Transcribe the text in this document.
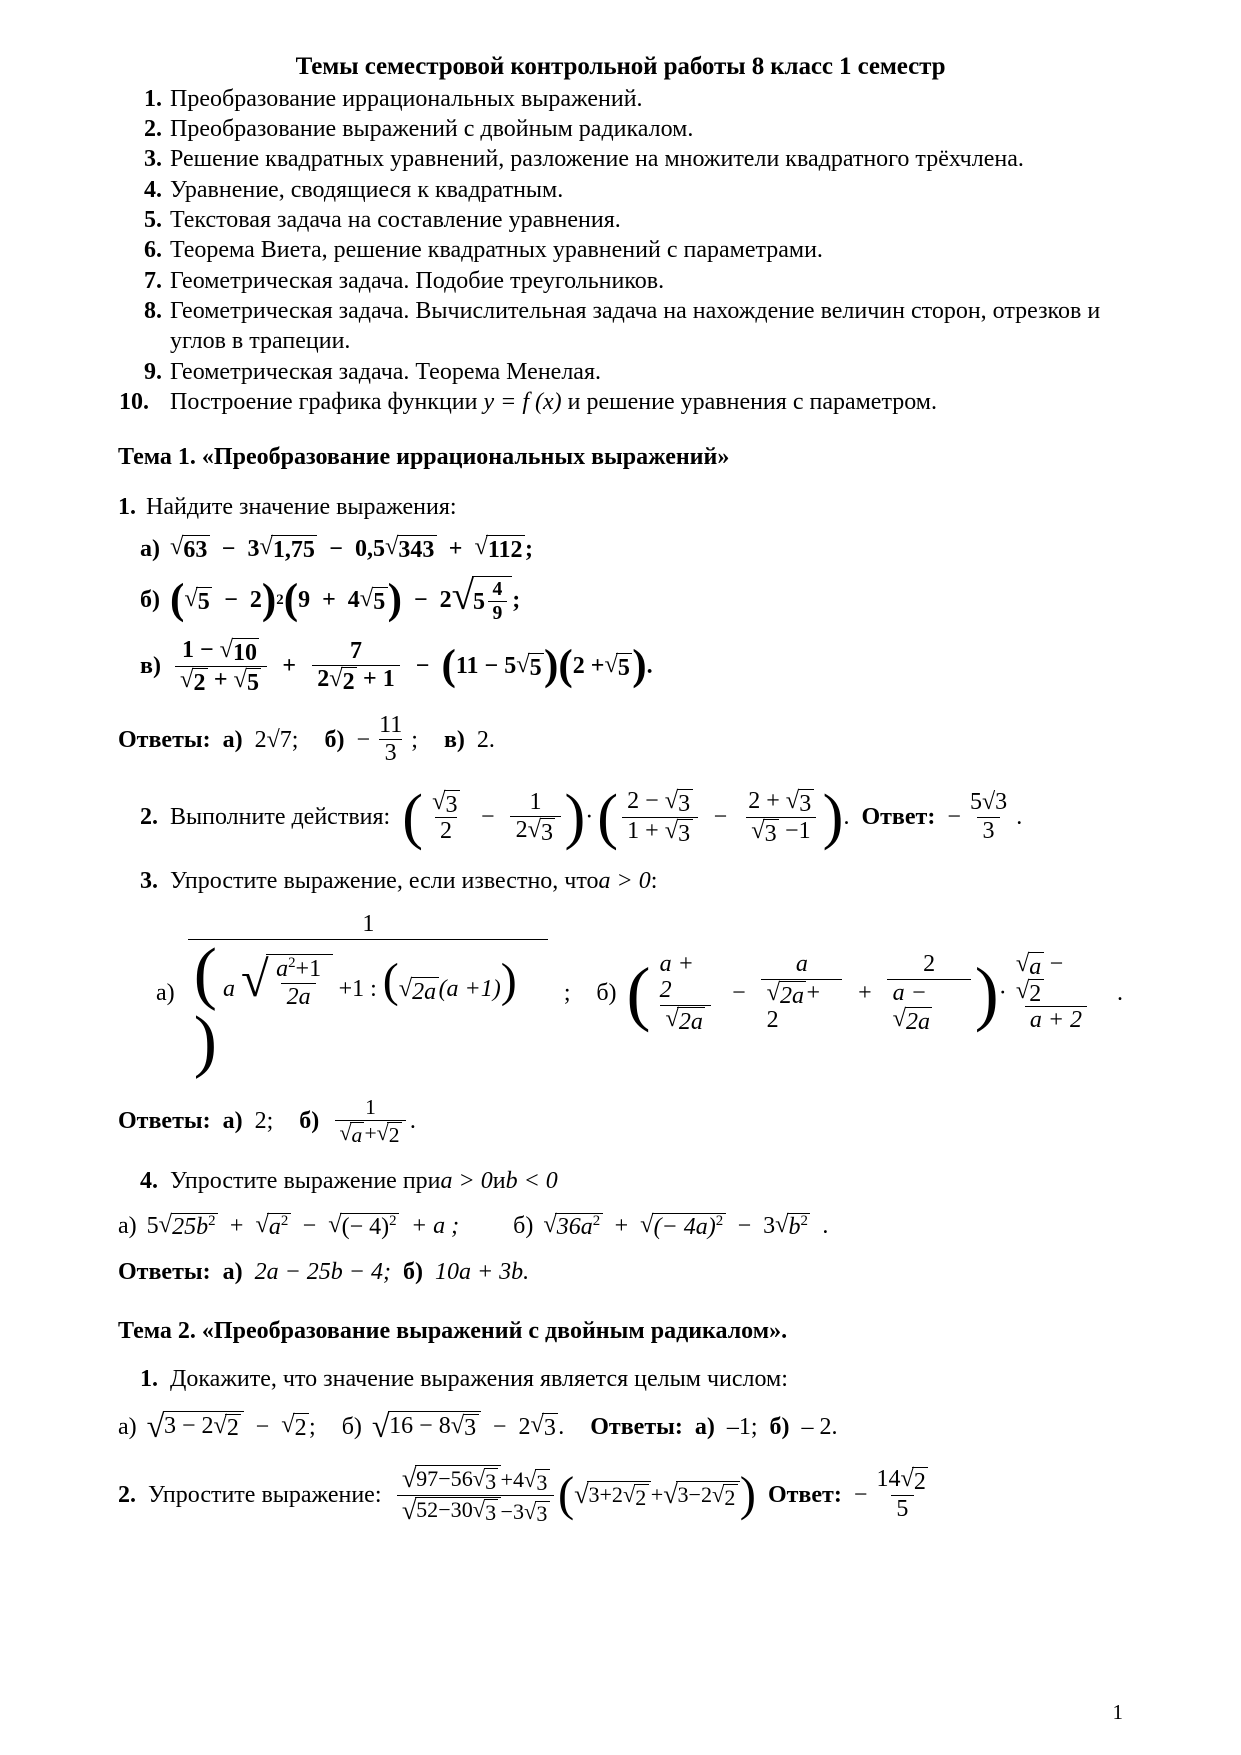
Темы семестровой контрольной работы 8 класс 1 семестр
1. Преобразование иррациональных выражений.
2. Преобразование выражений с двойным радикалом.
3. Решение квадратных уравнений, разложение на множители квадратного трёхчлена.
4. Уравнение, сводящиеся к квадратным.
5. Текстовая задача на составление уравнения.
6. Теорема Виета, решение квадратных уравнений с параметрами.
7. Геометрическая задача. Подобие треугольников.
8. Геометрическая задача. Вычислительная задача на нахождение величин сторон, отрезков и углов в трапеции.
9. Геометрическая задача. Теорема Менелая.
10. Построение графика функции y = f (x) и решение уравнения с параметром.
Тема 1. «Преобразование иррациональных выражений»
1. Найдите значение выражения:
а) √ 63 − 3 √ 1,75 − 0,5 √ 343 + √ 112 ;
б) ( √ 5 − 2 ) 2 ( 9 + 4 √ 5 ) − 2 √ $5 \frac{4}{9}$ ;
$в) \frac{1 - √ 10}{√ 2 + √ 5} + \frac{7}{2 √ 2 + 1}$ − ( 11 − 5 √ 5 ) ( 2 + √ 5 ) .
Ответы: а) 2√7; $б) - \frac{11}{3}$ ; в) 2.
2. Выполните действия: ( $\frac{√ 3}{2} - \frac{1}{2 √ 3}$ ) · ( $\frac{2 - √ 3}{1 + √ 3} - \frac{2 + √ 3}{√ 3 -1}$ ) . Ответ: − $\frac{5√3}{3}$ .
3. Упростите выражение, если известно, что a > 0 :
а)
1
( a √ $\frac{a^2+1}{2a} +1$ : ( √ 2a (a +1)) )
;	б) ( $\frac{a + 2}{√ 2a} - \frac{a}{√ 2a + 2} + 2$
a −
√ 2a ) · √ a −
√ 2
a + 2 .
Ответы: а) 2; $б) \frac{1}{√ a + √ 2}$ .
4. Упростите выражение при a > 0 и b < 0
а) 5 √ $25b^2$ + √ $a^2$ − √ (− 4)$^2$ + a ; б) √ $36a^2$ + √ (− 4a)$^2$ − 3 √ $b^2$ .
Ответы: а) 2a − 25b − 4; б) 10a + 3b.
Тема 2. «Преобразование выражений с двойным радикалом».
1. Докажите, что значение выражения является целым числом:
а) √ 3 − 2 √ 2 − √ 2 ; б) √ 16 − 8 √ 3 − 2 √ 3 . Ответы: а) –1; б) – 2.
2. Упростите выражение: $\frac{√ 97-56 √ 3 +4 √ 3}{√ 52-30 √ 3 -3 √ 3}$ ( √ 3+2 √ 2 + √ 3−2 √ 2 ) Ответ: − $\frac{14 √ 2}{5}$
1
